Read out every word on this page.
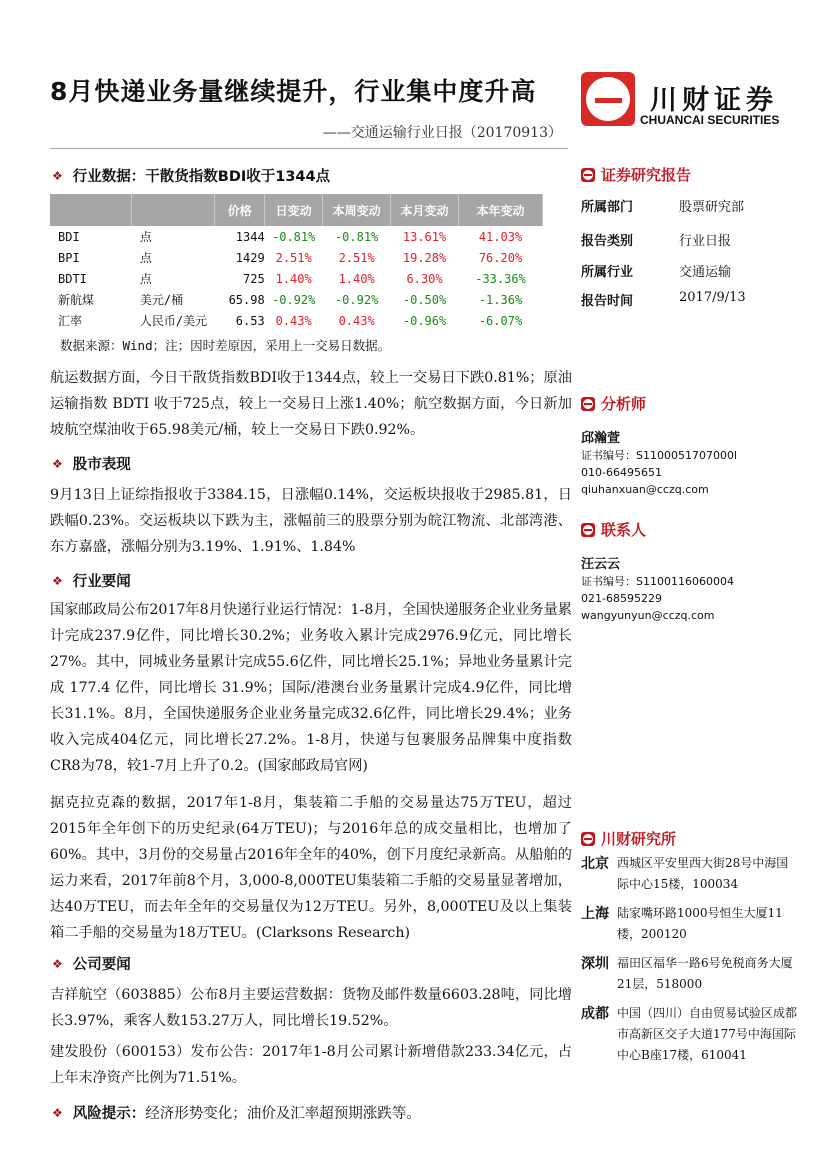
8月快递业务量继续提升，行业集中度升高
——交通运输行业日报（20170913）
川财证券
CHUANCAI SECURITIES
❖ 行业数据：干散货指数BDI收于1344点
		价格	日变动	本周变动	本月变动	本年变动
BDI	点	1344	-0.81%	-0.81%	13.61%	41.03%
BPI	点	1429	2.51%	2.51%	19.28%	76.20%
BDTI	点	725	1.40%	1.40%	6.30%	-33.36%
新航煤	美元/桶	65.98	-0.92%	-0.92%	-0.50%	-1.36%
汇率	人民币/美元	6.53	0.43%	0.43%	-0.96%	-6.07%
数据来源：Wind；注；因时差原因，采用上一交易日数据。
航运数据方面，今日干散货指数BDI收于1344点，较上一交易日下跌0.81%；原油运输指数 BDTI 收于725点，较上一交易日上涨1.40%；航空数据方面，今日新加坡航空煤油收于65.98美元/桶，较上一交易日下跌0.92%。
❖ 股市表现
9月13日上证综指报收于3384.15，日涨幅0.14%，交运板块报收于2985.81，日跌幅0.23%。交运板块以下跌为主，涨幅前三的股票分别为皖江物流、北部湾港、东方嘉盛，涨幅分别为3.19%、1.91%、1.84%
❖ 行业要闻
国家邮政局公布2017年8月快递行业运行情况：1-8月，全国快递服务企业业务量累计完成237.9亿件，同比增长30.2%；业务收入累计完成2976.9亿元，同比增长27%。其中，同城业务量累计完成55.6亿件，同比增长25.1%；异地业务量累计完成 177.4 亿件，同比增长 31.9%；国际/港澳台业务量累计完成4.9亿件，同比增长31.1%。8月，全国快递服务企业业务量完成32.6亿件，同比增长29.4%；业务收入完成404亿元，同比增长27.2%。1-8月，快递与包裹服务品牌集中度指数CR8为78，较1-7月上升了0.2。(国家邮政局官网)
据克拉克森的数据，2017年1-8月，集装箱二手船的交易量达75万TEU，超过2015年全年创下的历史纪录(64万TEU)；与2016年总的成交量相比，也增加了60%。其中，3月份的交易量占2016年全年的40%，创下月度纪录新高。从船舶的运力来看，2017年前8个月，3,000-8,000TEU集装箱二手船的交易量显著增加，达40万TEU，而去年全年的交易量仅为12万TEU。另外，8,000TEU及以上集装箱二手船的交易量为18万TEU。(Clarksons Research)
❖ 公司要闻
吉祥航空（603885）公布8月主要运营数据：货物及邮件数量6603.28吨，同比增长3.97%，乘客人数153.27万人，同比增长19.52%。
建发股份（600153）发布公告：2017年1-8月公司累计新增借款233.34亿元，占上年末净资产比例为71.51%。
❖ 风险提示：经济形势变化；油价及汇率超预期涨跌等。
证券研究报告
所属部门	股票研究部
报告类别	行业日报
所属行业	交通运输
报告时间	2017/9/13
分析师
邱瀚萱
证书编号：S1100051707000l
010-66495651
qiuhanxuan@cczq.com
联系人
汪云云
证书编号：S1100116060004
021-68595229
wangyunyun@cczq.com
川财研究所
北京 西城区平安里西大街28号中海国际中心15楼，100034
上海 陆家嘴环路1000号恒生大厦11楼，200120
深圳 福田区福华一路6号免税商务大厦21层，518000
成都 中国（四川）自由贸易试验区成都市高新区交子大道177号中海国际中心B座17楼，610041
